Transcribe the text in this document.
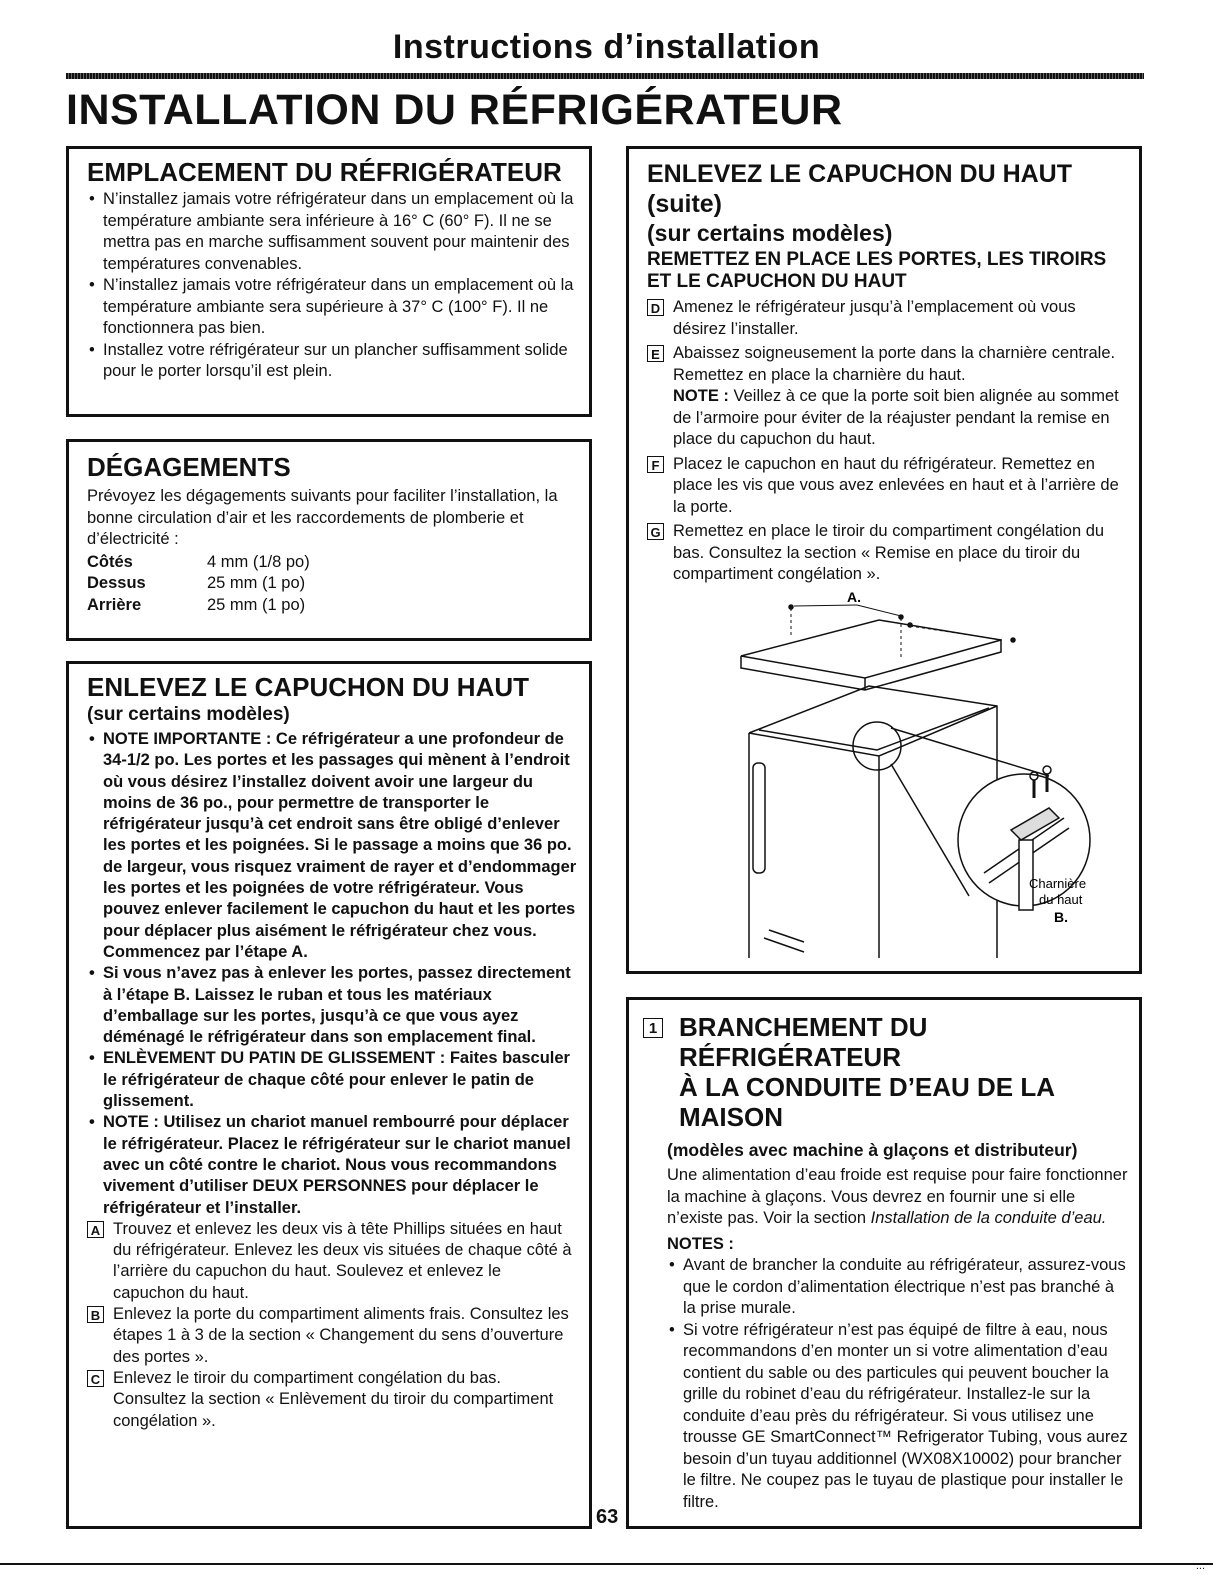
Instructions d’installation
INSTALLATION DU RÉFRIGÉRATEUR
EMPLACEMENT DU RÉFRIGÉRATEUR
• N’installez jamais votre réfrigérateur dans un emplacement où la température ambiante sera inférieure à 16° C (60° F). Il ne se mettra pas en marche suffisamment souvent pour maintenir des températures convenables.
• N’installez jamais votre réfrigérateur dans un emplacement où la température ambiante sera supérieure à 37° C (100° F). Il ne fonctionnera pas bien.
• Installez votre réfrigérateur sur un plancher suffisamment solide pour le porter lorsqu’il est plein.
DÉGAGEMENTS
Prévoyez les dégagements suivants pour faciliter l’installation, la bonne circulation d’air et les raccordements de plomberie et d’électricité :
Côtés	4 mm (1/8 po)
Dessus	25 mm (1 po)
Arrière	25 mm (1 po)
ENLEVEZ LE CAPUCHON DU HAUT
(sur certains modèles)
• NOTE IMPORTANTE : Ce réfrigérateur a une profondeur de 34-1/2 po. Les portes et les passages qui mènent à l’endroit où vous désirez l’installez doivent avoir une largeur du moins de 36 po., pour permettre de transporter le réfrigérateur jusqu’à cet endroit sans être obligé d’enlever les portes et les poignées. Si le passage a moins que 36 po. de largeur, vous risquez vraiment de rayer et d’endommager les portes et les poignées de votre réfrigérateur. Vous pouvez enlever facilement le capuchon du haut et les portes pour déplacer plus aisément le réfrigérateur chez vous. Commencez par l’étape A.
• Si vous n’avez pas à enlever les portes, passez directement à l’étape B. Laissez le ruban et tous les matériaux d’emballage sur les portes, jusqu’à ce que vous ayez déménagé le réfrigérateur dans son emplacement final.
• ENLÈVEMENT DU PATIN DE GLISSEMENT : Faites basculer le réfrigérateur de chaque côté pour enlever le patin de glissement.
• NOTE : Utilisez un chariot manuel rembourré pour déplacer le réfrigérateur. Placez le réfrigérateur sur le chariot manuel avec un côté contre le chariot. Nous vous recommandons vivement d’utiliser DEUX PERSONNES pour déplacer le réfrigérateur et l’installer.
A Trouvez et enlevez les deux vis à tête Phillips situées en haut du réfrigérateur. Enlevez les deux vis situées de chaque côté à l’arrière du capuchon du haut. Soulevez et enlevez le capuchon du haut.
B Enlevez la porte du compartiment aliments frais. Consultez les étapes 1 à 3 de la section « Changement du sens d’ouverture des portes ».
C Enlevez le tiroir du compartiment congélation du bas. Consultez la section « Enlèvement du tiroir du compartiment congélation ».
ENLEVEZ LE CAPUCHON DU HAUT (suite)
(sur certains modèles)
REMETTEZ EN PLACE LES PORTES, LES TIROIRS ET LE CAPUCHON DU HAUT
D Amenez le réfrigérateur jusqu’à l’emplacement où vous désirez l’installer.
E Abaissez soigneusement la porte dans la charnière centrale. Remettez en place la charnière du haut.
NOTE : Veillez à ce que la porte soit bien alignée au sommet de l’armoire pour éviter de la réajuster pendant la remise en place du capuchon du haut.
F Placez le capuchon en haut du réfrigérateur. Remettez en place les vis que vous avez enlevées en haut et à l’arrière de la porte.
G Remettez en place le tiroir du compartiment congélation du bas. Consultez la section « Remise en place du tiroir du compartiment congélation ».
A.
Charnière
du haut
B.
1 BRANCHEMENT DU RÉFRIGÉRATEUR
À LA CONDUITE D’EAU DE LA MAISON
(modèles avec machine à glaçons et distributeur)
Une alimentation d’eau froide est requise pour faire fonctionner la machine à glaçons. Vous devrez en fournir une si elle n’existe pas. Voir la section Installation de la conduite d’eau.
NOTES :
• Avant de brancher la conduite au réfrigérateur, assurez-vous que le cordon d’alimentation électrique n’est pas branché à la prise murale.
• Si votre réfrigérateur n’est pas équipé de filtre à eau, nous recommandons d’en monter un si votre alimentation d’eau contient du sable ou des particules qui peuvent boucher la grille du robinet d’eau du réfrigérateur. Installez-le sur la conduite d’eau près du réfrigérateur. Si vous utilisez une trousse GE SmartConnect™ Refrigerator Tubing, vous aurez besoin d’un tuyau additionnel (WX08X10002) pour brancher le filtre. Ne coupez pas le tuyau de plastique pour installer le filtre.
63
...
